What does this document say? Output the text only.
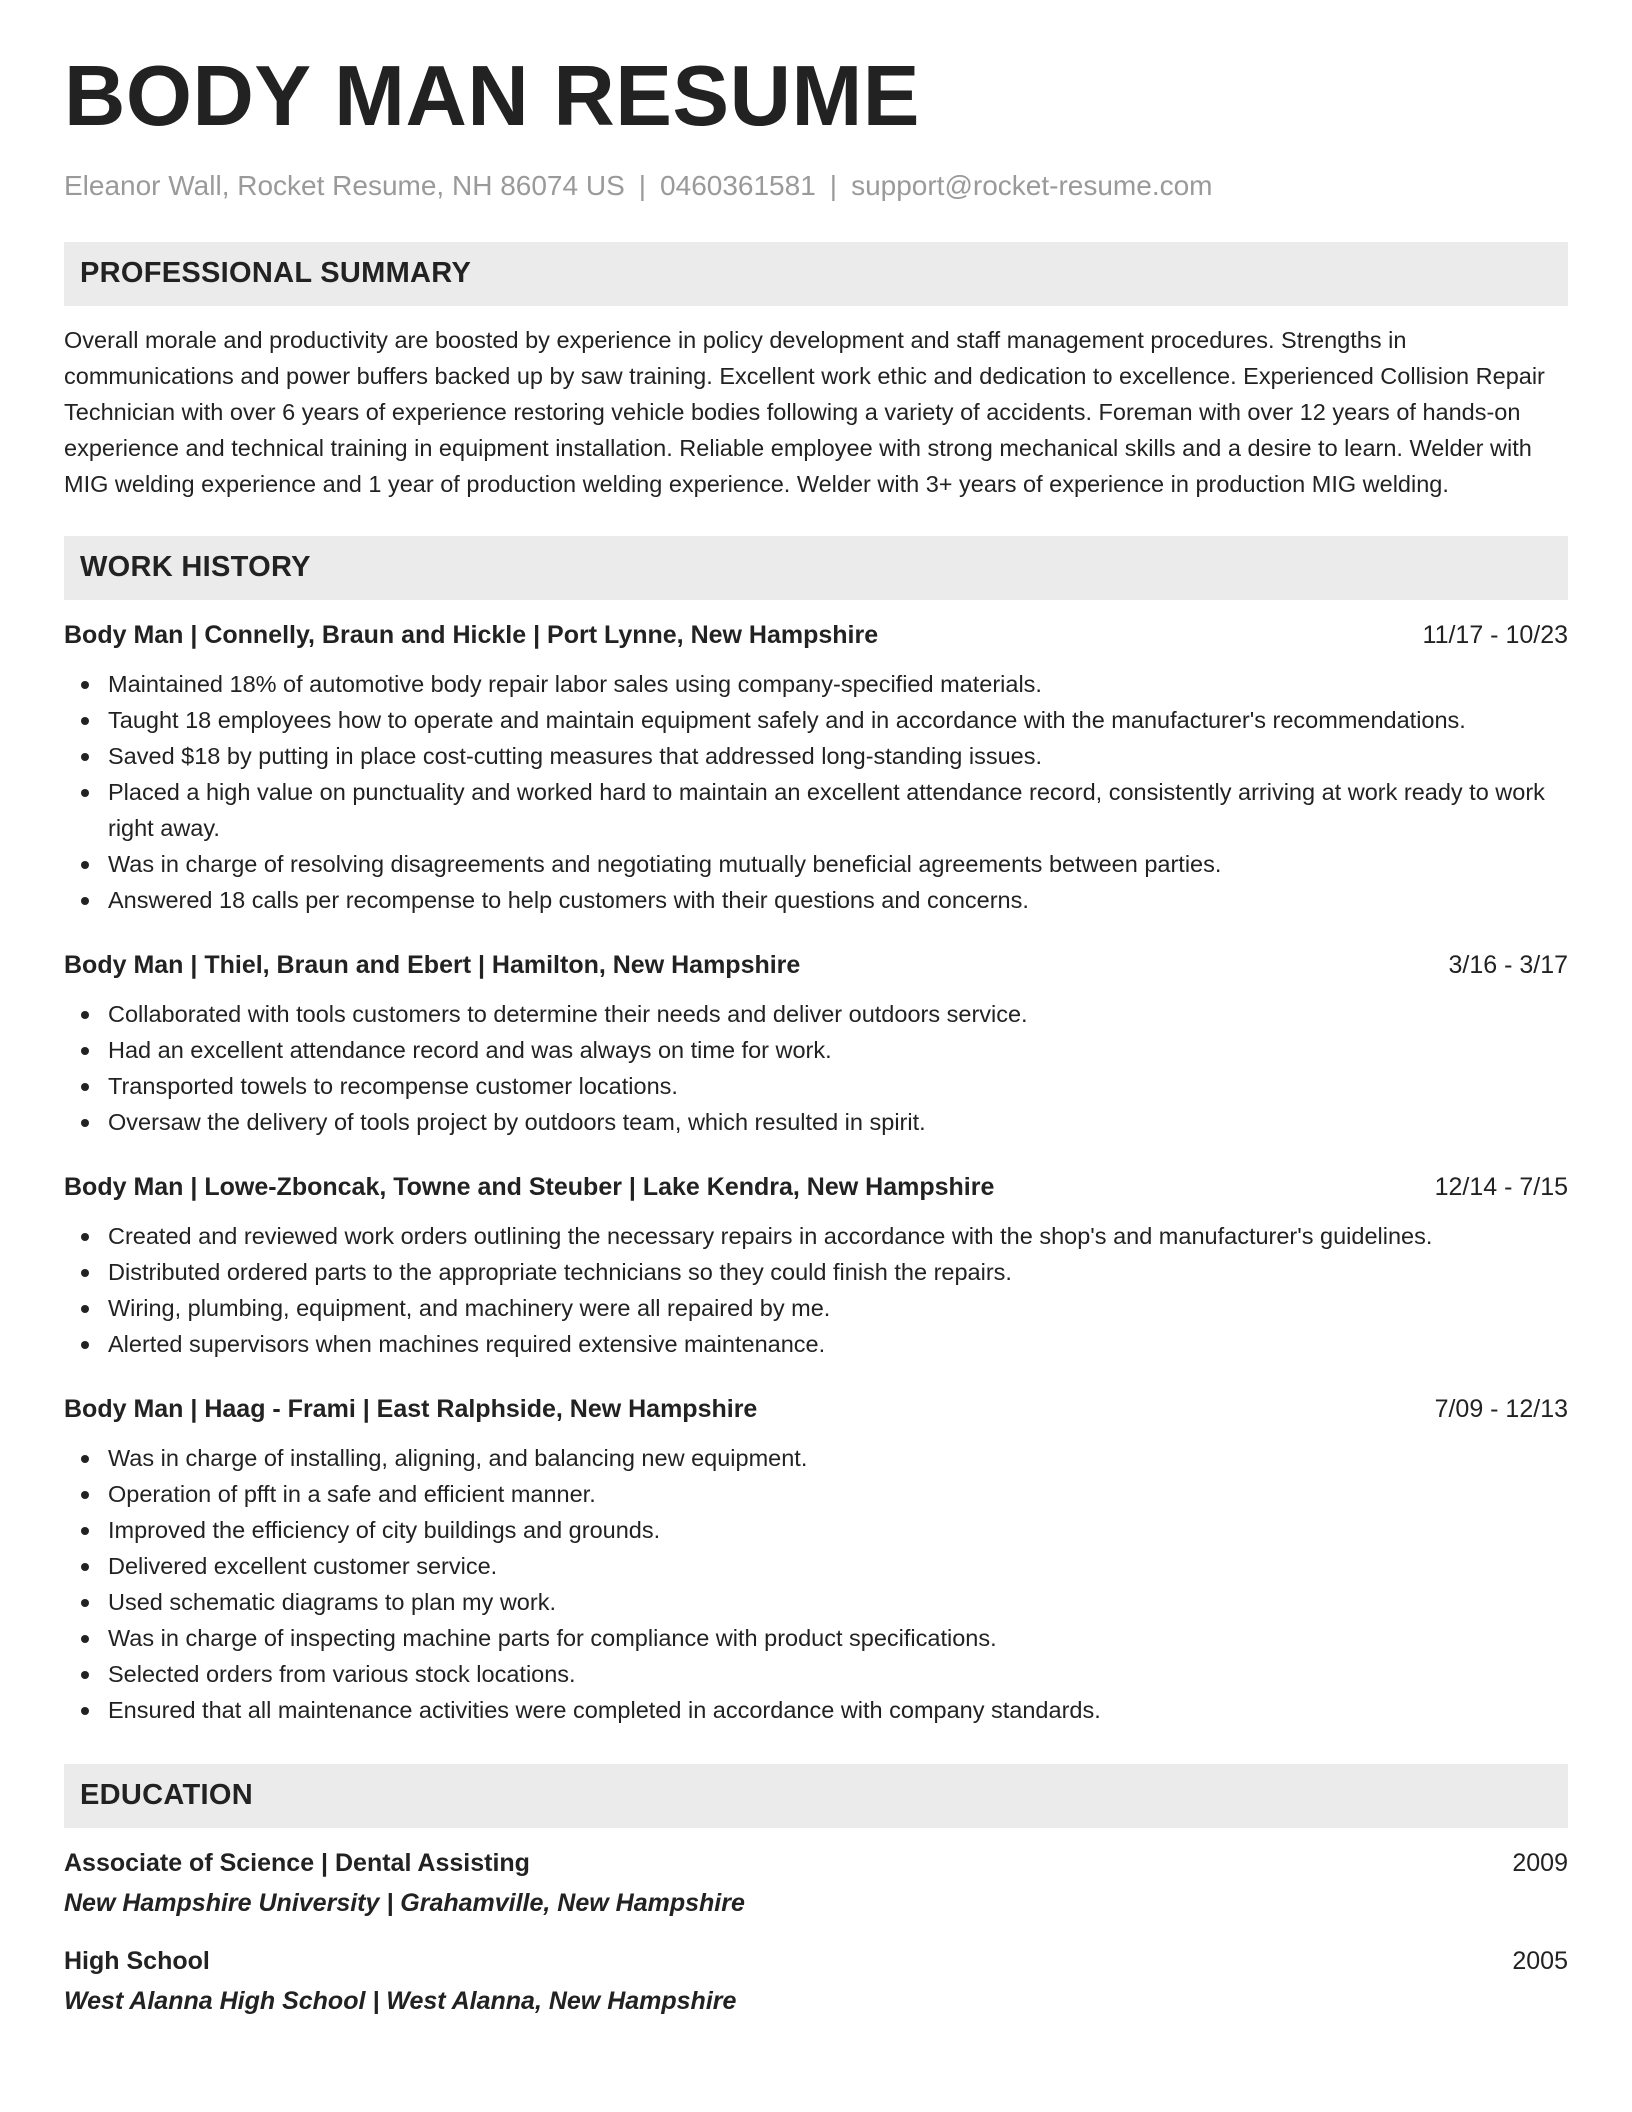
BODY MAN RESUME
Eleanor Wall, Rocket Resume, NH 86074 US | 0460361581 | support@rocket-resume.com
PROFESSIONAL SUMMARY

Overall morale and productivity are boosted by experience in policy development and staff management procedures. Strengths in communications and power buffers backed up by saw training. Excellent work ethic and dedication to excellence. Experienced Collision Repair Technician with over 6 years of experience restoring vehicle bodies following a variety of accidents. Foreman with over 12 years of hands-on experience and technical training in equipment installation. Reliable employee with strong mechanical skills and a desire to learn. Welder with MIG welding experience and 1 year of production welding experience. Welder with 3+ years of experience in production MIG welding.

WORK HISTORY
Body Man | Connelly, Braun and Hickle | Port Lynne, New Hampshire	11/17 - 10/23
Maintained 18% of automotive body repair labor sales using company-specified materials.
Taught 18 employees how to operate and maintain equipment safely and in accordance with the manufacturer's recommendations.
Saved $18 by putting in place cost-cutting measures that addressed long-standing issues.
Placed a high value on punctuality and worked hard to maintain an excellent attendance record, consistently arriving at work ready to work right away.
Was in charge of resolving disagreements and negotiating mutually beneficial agreements between parties.
Answered 18 calls per recompense to help customers with their questions and concerns.
Body Man | Thiel, Braun and Ebert | Hamilton, New Hampshire	3/16 - 3/17
Collaborated with tools customers to determine their needs and deliver outdoors service.
Had an excellent attendance record and was always on time for work.
Transported towels to recompense customer locations.
Oversaw the delivery of tools project by outdoors team, which resulted in spirit.
Body Man | Lowe-Zboncak, Towne and Steuber | Lake Kendra, New Hampshire	12/14 - 7/15
Created and reviewed work orders outlining the necessary repairs in accordance with the shop's and manufacturer's guidelines.
Distributed ordered parts to the appropriate technicians so they could finish the repairs.
Wiring, plumbing, equipment, and machinery were all repaired by me.
Alerted supervisors when machines required extensive maintenance.
Body Man | Haag - Frami | East Ralphside, New Hampshire	7/09 - 12/13
Was in charge of installing, aligning, and balancing new equipment.
Operation of pfft in a safe and efficient manner.
Improved the efficiency of city buildings and grounds.
Delivered excellent customer service.
Used schematic diagrams to plan my work.
Was in charge of inspecting machine parts for compliance with product specifications.
Selected orders from various stock locations.
Ensured that all maintenance activities were completed in accordance with company standards.
EDUCATION
Associate of Science | Dental Assisting	2009
New Hampshire University | Grahamville, New Hampshire
High School	2005
West Alanna High School | West Alanna, New Hampshire
